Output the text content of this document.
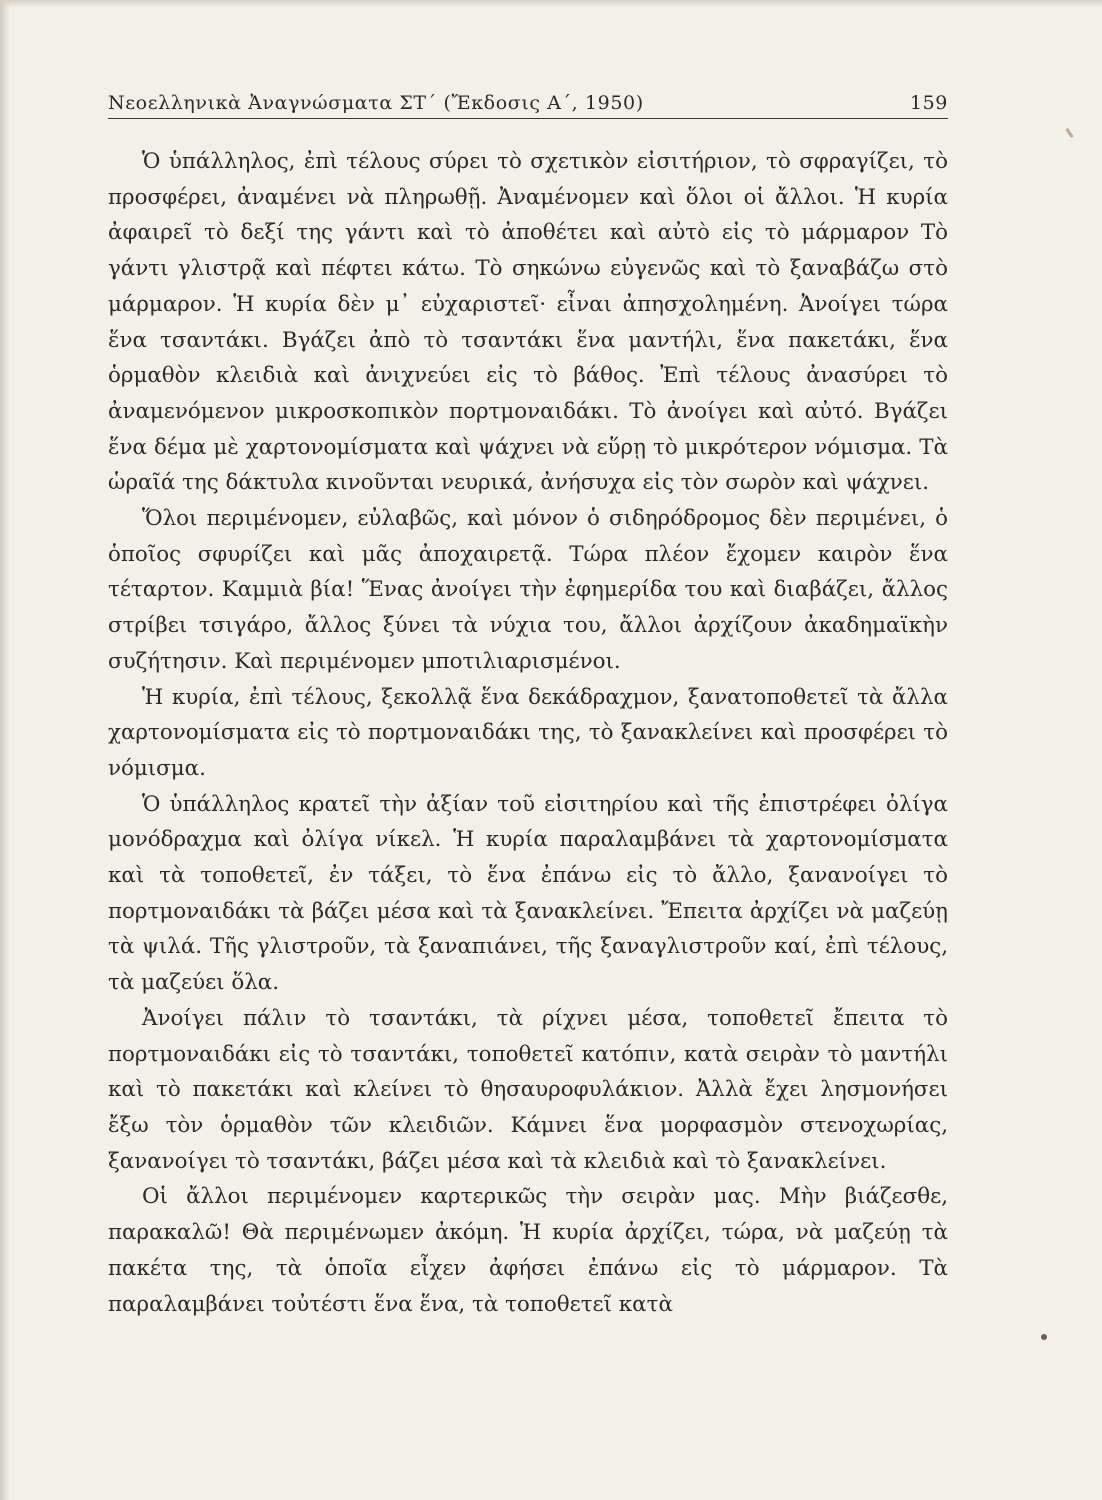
Νεοελληνικὰ Ἀναγνώσματα ΣΤ΄ (Ἔκδοσις Α΄, 1950)	159

Ὁ ὑπάλληλος, ἐπὶ τέλους σύρει τὸ σχετικὸν εἰσιτήριον, τὸ σφραγίζει, τὸ προσφέρει, ἀναμένει νὰ πληρωθῇ. Ἀναμένομεν καὶ ὅλοι οἱ ἄλλοι. Ἡ κυρία ἀφαιρεῖ τὸ δεξί της γάντι καὶ τὸ ἀποθέτει καὶ αὐτὸ εἰς τὸ μάρμαρον Τὸ γάντι γλιστρᾷ καὶ πέφτει κάτω. Τὸ σηκώνω εὐγενῶς καὶ τὸ ξαναβάζω στὸ μάρμαρον. Ἡ κυρία δὲν μ᾿ εὐχαριστεῖ· εἶναι ἀπησχολημένη. Ἀνοίγει τώρα ἕνα τσαντάκι. Βγάζει ἀπὸ τὸ τσαντάκι ἕνα μαντήλι, ἕνα πακετάκι, ἕνα ὁρμαθὸν κλειδιὰ καὶ ἀνιχνεύει εἰς τὸ βάθος. Ἐπὶ τέλους ἀνασύρει τὸ ἀναμενόμενον μικροσκοπικὸν πορτμοναιδάκι. Τὸ ἀνοίγει καὶ αὐτό. Βγάζει ἕνα δέμα μὲ χαρτονομίσματα καὶ ψάχνει νὰ εὕρῃ τὸ μικρότερον νόμισμα. Τὰ ὡραῖά της δάκτυλα κινοῦνται νευρικά, ἀνήσυχα εἰς τὸν σωρὸν καὶ ψάχνει.

Ὅλοι περιμένομεν, εὐλαβῶς, καὶ μόνον ὁ σιδηρόδρομος δὲν περιμένει, ὁ ὁποῖος σφυρίζει καὶ μᾶς ἀποχαιρετᾷ. Τώρα πλέον ἔχομεν καιρὸν ἕνα τέταρτον. Καμμιὰ βία! Ἕνας ἀνοίγει τὴν ἐφημερίδα του καὶ διαβάζει, ἄλλος στρίβει τσιγάρο, ἄλλος ξύνει τὰ νύχια του, ἄλλοι ἀρχίζουν ἀκαδημαϊκὴν συζήτησιν. Καὶ περιμένομεν μποτιλιαρισμένοι.

Ἡ κυρία, ἐπὶ τέλους, ξεκολλᾷ ἕνα δεκάδραχμον, ξανατοποθετεῖ τὰ ἄλλα χαρτονομίσματα εἰς τὸ πορτμοναιδάκι της, τὸ ξανακλείνει καὶ προσφέρει τὸ νόμισμα.

Ὁ ὑπάλληλος κρατεῖ τὴν ἀξίαν τοῦ εἰσιτηρίου καὶ τῆς ἐπιστρέφει ὀλίγα μονόδραχμα καὶ ὀλίγα νίκελ. Ἡ κυρία παραλαμβάνει τὰ χαρτονομίσματα καὶ τὰ τοποθετεῖ, ἐν τάξει, τὸ ἕνα ἐπάνω εἰς τὸ ἄλλο, ξανανοίγει τὸ πορτμοναιδάκι τὰ βάζει μέσα καὶ τὰ ξανακλείνει. Ἔπειτα ἀρχίζει νὰ μαζεύῃ τὰ ψιλά. Τῆς γλιστροῦν, τὰ ξαναπιάνει, τῆς ξαναγλιστροῦν καί, ἐπὶ τέλους, τὰ μαζεύει ὅλα.

Ἀνοίγει πάλιν τὸ τσαντάκι, τὰ ρίχνει μέσα, τοποθετεῖ ἔπειτα τὸ πορτμοναιδάκι εἰς τὸ τσαντάκι, τοποθετεῖ κατόπιν, κατὰ σειρὰν τὸ μαντήλι καὶ τὸ πακετάκι καὶ κλείνει τὸ θησαυροφυλάκιον. Ἀλλὰ ἔχει λησμονήσει ἔξω τὸν ὁρμαθὸν τῶν κλειδιῶν. Κάμνει ἕνα μορφασμὸν στενοχωρίας, ξανανοίγει τὸ τσαντάκι, βάζει μέσα καὶ τὰ κλειδιὰ καὶ τὸ ξανακλείνει.

Οἱ ἄλλοι περιμένομεν καρτερικῶς τὴν σειρὰν μας. Μὴν βιάζεσθε, παρακαλῶ! Θὰ περιμένωμεν ἀκόμη. Ἡ κυρία ἀρχίζει, τώρα, νὰ μαζεύῃ τὰ πακέτα της, τὰ ὁποῖα εἶχεν ἀφήσει ἐπάνω εἰς τὸ μάρμαρον. Τὰ παραλαμβάνει τοὐτέστι ἕνα ἕνα, τὰ τοποθετεῖ κατὰ
